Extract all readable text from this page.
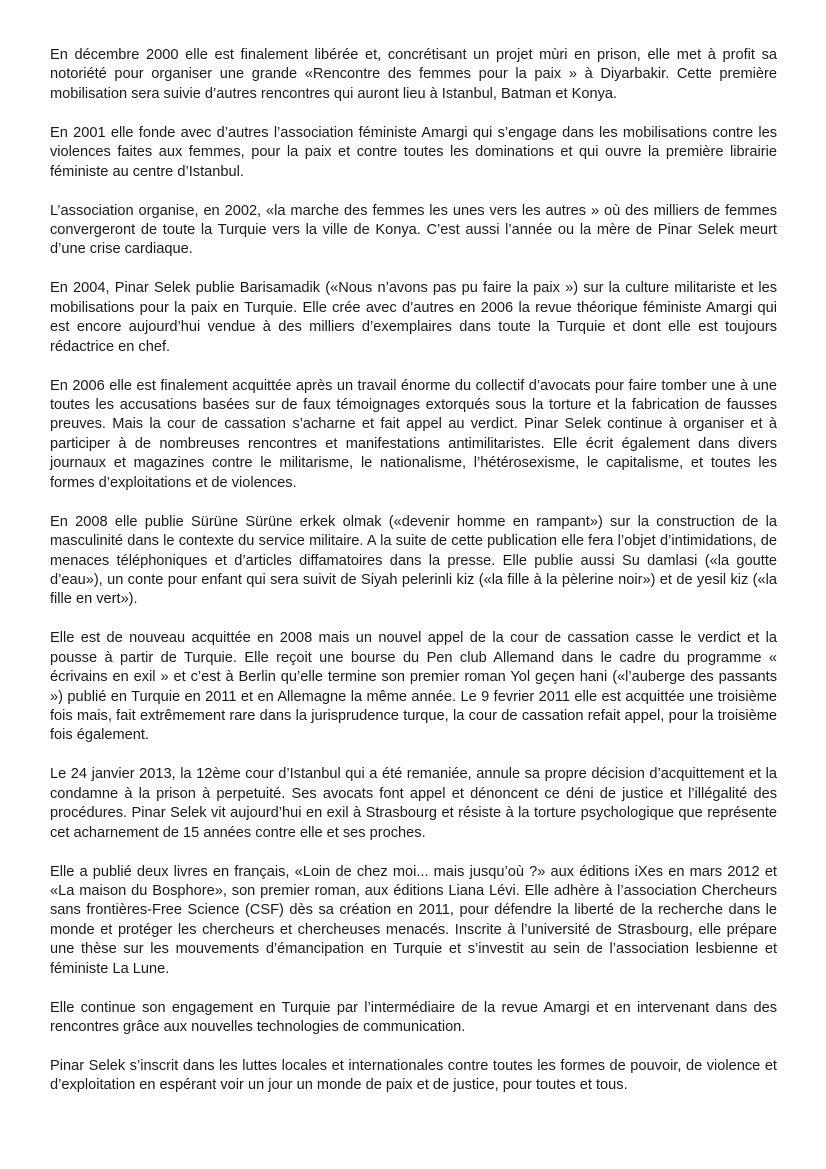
En décembre 2000 elle est finalement libérée et, concrétisant un projet mùri en prison, elle met à profit sa notoriété pour organiser une grande «Rencontre des femmes pour la paix » à Diyarbakir. Cette première mobilisation sera suivie d’autres rencontres qui auront lieu à Istanbul, Batman et Konya.

En 2001 elle fonde avec d’autres l’association féministe Amargi qui s’engage dans les mobilisations contre les violences faites aux femmes, pour la paix et contre toutes les dominations et qui ouvre la première librairie féministe au centre d’Istanbul.

L’association organise, en 2002, «la marche des femmes les unes vers les autres » où des milliers de femmes convergeront de toute la Turquie vers la ville de Konya. C’est aussi l’année ou la mère de Pinar Selek meurt d’une crise cardiaque.

En 2004, Pinar Selek publie Barisamadik («Nous n’avons pas pu faire la paix ») sur la culture militariste et les mobilisations pour la paix en Turquie. Elle crée avec d’autres en 2006 la revue théorique féministe Amargi qui est encore aujourd’hui vendue à des milliers d’exemplaires dans toute la Turquie et dont elle est toujours rédactrice en chef.

En 2006 elle est finalement acquittée après un travail énorme du collectif d’avocats pour faire tomber une à une toutes les accusations basées sur de faux témoignages extorqués sous la torture et la fabrication de fausses preuves. Mais la cour de cassation s’acharne et fait appel au verdict. Pinar Selek continue à organiser et à participer à de nombreuses rencontres et manifestations antimilitaristes. Elle écrit également dans divers journaux et magazines contre le militarisme, le nationalisme, l’hétérosexisme, le capitalisme, et toutes les formes d’exploitations et de violences.

En 2008 elle publie Sürüne Sürüne erkek olmak («devenir homme en rampant») sur la construction de la masculinité dans le contexte du service militaire. A la suite de cette publication elle fera l’objet d’intimidations, de menaces téléphoniques et d’articles diffamatoires dans la presse. Elle publie aussi Su damlasi («la goutte d’eau»), un conte pour enfant qui sera suivit de Siyah pelerinli kiz («la fille à la pèlerine noir») et de yesil kiz («la fille en vert»).

Elle est de nouveau acquittée en 2008 mais un nouvel appel de la cour de cassation casse le verdict et la pousse à partir de Turquie. Elle reçoit une bourse du Pen club Allemand dans le cadre du programme « écrivains en exil » et c’est à Berlin qu’elle termine son premier roman Yol geçen hani («l’auberge des passants ») publié en Turquie en 2011 et en Allemagne la même année. Le 9 fevrier 2011 elle est acquittée une troisième fois mais, fait extrêmement rare dans la jurisprudence turque, la cour de cassation refait appel, pour la troisième fois également.

Le 24 janvier 2013, la 12ème cour d’Istanbul qui a été remaniée, annule sa propre décision d’acquittement et la condamne à la prison à perpetuité. Ses avocats font appel et dénoncent ce déni de justice et l’illégalité des procédures. Pinar Selek vit aujourd’hui en exil à Strasbourg et résiste à la torture psychologique que représente cet acharnement de 15 années contre elle et ses proches.

Elle a publié deux livres en français, «Loin de chez moi... mais jusqu’où ?» aux éditions iXes en mars 2012 et «La maison du Bosphore», son premier roman, aux éditions Liana Lévi. Elle adhère à l’association Chercheurs sans frontières-Free Science (CSF) dès sa création en 2011, pour défendre la liberté de la recherche dans le monde et protéger les chercheurs et chercheuses menacés. Inscrite à l’université de Strasbourg, elle prépare une thèse sur les mouvements d’émancipation en Turquie et s’investit au sein de l’association lesbienne et féministe La Lune.

Elle continue son engagement en Turquie par l’intermédiaire de la revue Amargi et en intervenant dans des rencontres grâce aux nouvelles technologies de communication.

Pinar Selek s’inscrit dans les luttes locales et internationales contre toutes les formes de pouvoir, de violence et d’exploitation en espérant voir un jour un monde de paix et de justice, pour toutes et tous.
